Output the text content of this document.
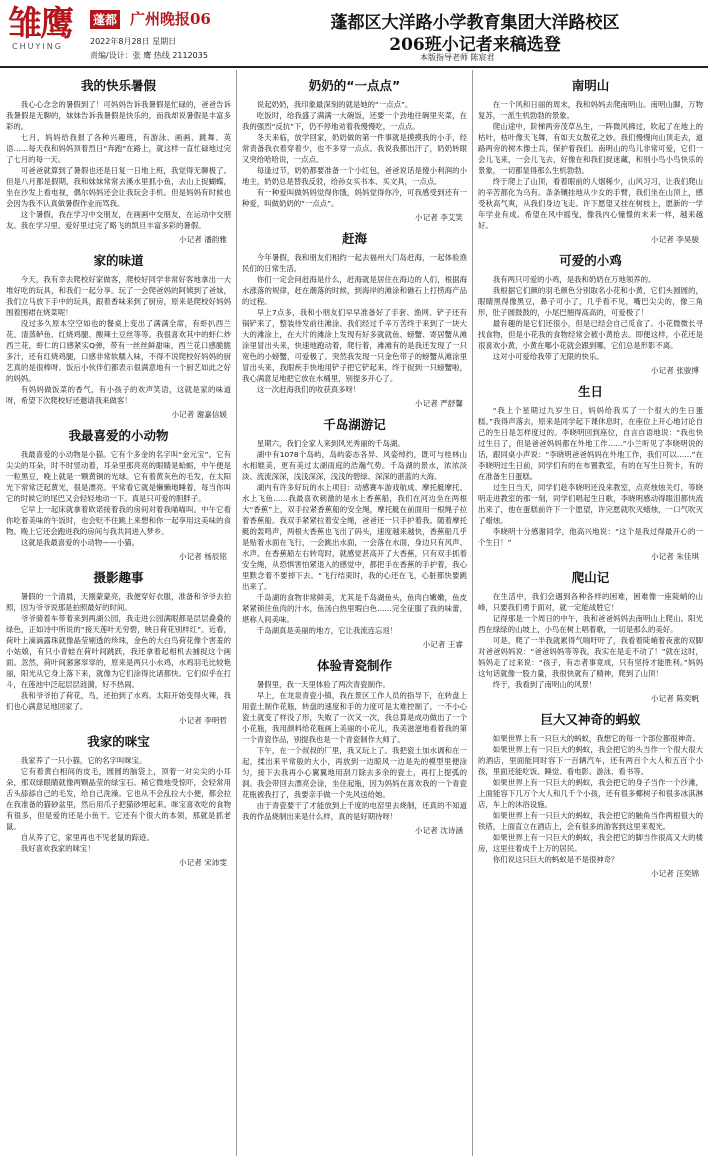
雏鹰
CHUYING
蓬都 广州晚报06
2022年8月28日 星期日
责编/设计：张 鹰 热线 2112035
蓬都区大洋路小学教育集团大洋路校区
206班小记者来稿选登
本版指导老师 陈宸君
我的快乐暑假

我心心念念的暑假到了！可妈妈告诉我暑假是忙碌的，爸爸告诉我暑假是无聊的，妹妹告诉我暑假是快乐的，而我却说暑假是丰富多彩的。

七月，妈妈给我报了各种兴趣班，有游泳、画画、跳舞、英语……每天我和妈妈顶着烈日“奔跑”在路上，就这样一直忙碌地过完了七月的每一天。

可爸爸就算到了暑假也还是日复一日地上班，我觉得无聊极了。但是八月都是假期，我和妹妹常常去溪水里抓小鱼，去山上捉蝴蝶，坐在沙发上看电视，偶尔妈妈还会让我玩会手机。但是妈妈有时候也会因为我不认真做暑假作业而骂我。

这个暑假，我在学习中交朋友，在画画中交朋友，在运动中交朋友。我在学习里、爱好里过完了略飞的凯旦丰富多彩的暑假。

小记者 潘韵雅
家的味道

今天，我有幸去爬校好家做客，爬校好同学非常好客地拿出一大堆好吃的玩具，和我们一起分享。玩了一会爬爸妈的阿姨到了爸妹，我们立马放下手中的玩具，跟着香味来到了厨房，原来是爬校好妈妈围着围裙在烧菜呢！

没过多久原本空空如也的餐桌上变出了满满全席，有虾扒西兰花、清蒸鲈鱼、红烧鸡腿、酸辣土豆丝等等。我很喜欢其中的虾仁炒西兰花，虾仁的口感紧实Q弹，带有一丝丝鲜甜味，西兰花口感脆脆多汁，还有红烧鸡腿，口感非常软糯入味，不得不说爬校好妈妈的厨艺真的是很棒呀。饭后小伙伴们都表示很满意地有一个厨艺如此之好的妈妈。

有妈妈做饭菜的香气，有小孩子的欢声笑语，这就是家的味道呀，希望下次爬校好还邀请我来做客！

小记者 谢嘉信媛
我最喜爱的小动物

我最喜爱的小动物是小猫。它有个多金的名字叫“金元宝”。它有尖尖的耳朵，时不时竖动着，耳朵里那亮亮的眼睛是蛤蛎，中午便是一粒黑豆，晚上就是一颗黄铜的光球。它有着黄灰色的毛发，在太阳光下常常泛起黄光，很是漂亮。平常看它就是懒懒地睡着，每当你叫它的时候它的尾巴又会轻轻地动一下。真是只可爱的胆胖子。

它早上一起床就拿着欧诺接着我的房间对着我喵喵叫。中午它看你吃着美味的午饭时，也会贬不住跳上来想和你一起享用这美味的食物。晚上它还会跑进我的房间与我共同进入梦乡。

这就是我最喜爱的小动物——小猫。

小记者 杨辰铭
摄影趣事

暑假的一个清晨，天刚蒙蒙亮，我便穿好衣服，准备和爷爷去拍照，因为爷爷说那是拍照最好的时间。

爷爷骑着车带着来到两湖公园，我走进公园满眼都是层层叠叠的绿色，正如诗中所说的“接天莲叶无穷碧，映日荷花别样红”。近看，荷叶上滴滴露珠就像晶莹剔透的珍珠，金色的大白鸟荷花像个害羞的小姑娘，有只小青蛙在荷叶间跳跃，我还拿着起相机去捕捉这个画面。忽然，荷叶间窸窸窣窣的，原来是两只小水鸡，水鸡羽毛比较艳丽，阳光从它身上落下来，就像为它们涂得比诸都快。它们似乎在打斗，在莲池中泛起层层涟漪，好不热闹。

我和爷爷拍了荷花，鸟，还拍到了水鸡。太阳开始变得火辣，我们也心满意足地回家了。

小记者 李明哲
我家的咪宝

我家养了一只小猫，它的名字叫咪宝。

它有着黄白相间的皮毛，圆圆的脑袋上，顶着一对尖尖的小耳朵，那双绿眼睛就像两颗晶莹的绿宝石。稀它微地受惊吓，会轻常用舌头舔舔自己的毛发，给自己洗澡。它也从不会乱拉大小便，都会拉在我准备的猫砂盆里，然后用爪子把猫砂埋起来。咪宝喜欢吃的食物有很多，但是爱的还是小鱼干。它还有个很大的本领，那就是抓老鼠。

自从养了它，家里再也不见老鼠的踪迹。

我好喜欢我家的咪宝！

小记者 宋沛雯
奶奶的“一点点”

说起奶奶，我印象最深刻的就是她的“一点点”。

吃饭时，给我盛了满满一大碗饭，还要一个劲地往碗里夹菜，在我的强烈“反抗”下，仍不停地劝着我慢慢吃，一点点。

冬天来临，放学回家，奶奶做的第一件事就是摸摸我的小手，经常责备我衣着穿着少，也不多穿一点点。我说我都出汗了，奶奶转眼又突给哈哈说，一点点。

每逢过节，奶奶都要准备一个小红包，爸爸说话是傻小利润的小地主，奶奶总是替我反驳，给孙女买书本、买文具，一点点。

有一种爱叫做妈妈觉得你饿，妈妈觉得你冷，可我感受到还有一种爱，叫做奶奶的“一点点”。

小记者 李艾笑
赶海

今年暑假，我和朋友们相约一起去福州大门岛赶海，一起体验渔民们的日常生活。

你们一定会问赶海是什么，赶海就是居住在海边的人们，根据海水涨落的规律，赶在潮落的时候，到海岸的滩涂和礁石上打捞海产品的过程。

早上7点多，我和小朋友们早早准备好了手套、渔网、铲子还有锅铲来了，整装待发前往滩涂。我们经过千辛万苦终于来到了一块大大的滩涂上，在大片的滩涂上发现有好多就就鱼、螃蟹、寄居蟹从滩涂里冒出头来，快速地跑动着，爬行着，滩滩有的是我还发现了一只宽色的小螃蟹，可爱极了。突然我发现一只金色带子的螃蟹从滩涂里冒出头来，我眼疾手快地用铲子把它铲起来，终于捉到一只螃蟹啦，我心满意足地把它放在水桶里，别提多开心了。

这一次赶海我们的收获真多呀！

小记者 严舒馨
千岛湖游记

星期六，我们全家人来到风光秀丽的千岛湖。

湖中有1078个岛屿，岛屿姿态各异、风姿绰约，既可与桂林山水相媲美，更有美过太湖雨庭的浩瀚气势。千岛湖的景水，浓浓淡淡、流流深深，浅浅深深，浅浅的碧绿、深深的湛蓝的大海。

湖内有许多好玩的水上项目：动感赛车游戏航成、摩托艇摩托、水上飞鱼……我最喜欢刺激的是水上香蕉船，我们在河边坐在两根大“香蕉”上，双手拉紧香蕉船的安全绳，摩托艇在前面用一根绳子拉着香蕉船。我双手紧紧拉着安全绳，爸爸还一只手护着我。随着摩托艇的轰鸣声，两根大香蕉也飞出了码头，速度越来越快，香蕉船几乎是贴着水面在飞行，一会跳出水面，一会落在水面，身边只有风声、水声。在香蕉船左右转弯时，就感觉甚高开了大香蕉，只有双手抓着安全绳，从恐惧害怕紧退入的感觉中，都把手在香蕉的手护着，我心里默念着不要掉下去。“飞行结束时，我的心还在飞，心脏都快要跳出来了。

千岛湖的食物非常鲜美，尤其是千岛湖鱼头，鱼肉白嫩嫩，鱼皮紧紧锁住鱼肉的汁水，鱼汤白热里瑕白色……完全征服了我的味蕾，堪称人间美味。

千岛湖真是美丽的地方，它让我流连忘返！

小记者 王睿
体验青瓷制作

暑假里，我一天里体验了两次青瓷制作。

早上，在龙泉青瓷小镇，我在景区工作人员的指导下，在转盘上用瓷土制作花瓶，转盘的速度和手的力度可是太难控制了，一不小心瓷土就变了样没了形，失败了一次又一次，我总算是成功做出了一个小花瓶，我用颜料给花瓶画上美丽的小花儿，我美滋滋地看着我的第一个青瓷作品，别提我也是一个青瓷制作大师了。

下午，在一个叔叔的厂里，我又玩上了。我把瓷土加水调和在一起，揉出来平常般的大小，再放到一边晾风一边是先的模型里便涂匀，接下去我再小心翼翼地用刮刀除去多余的瓷土，再打上提弧的洞。我会带回去漂亮会涂，坐住起瓶，因为妈妈在喜欢我的一个青瓷花瓶被我打了，我要亲手做一个先风送给她。

由于青瓷要干了才能放到上千度的电窑里去烧制，还真的不知道我的作品烧制出来是什么样，真的是好期待呀！

小记者 沈诗涵
南明山

在一个风和日丽的周末，我和妈妈去爬南明山。南明山脚，万物复苏，一派生机勃勃的景象。

爬山途中，阶梯两旁茂草丛生，一阵微风拂过，吹起了在地上的枯叶，枯叶像天飞舞，有如天女散花之妙。我们慢慢向山顶走去，道路两旁的树木像士兵，保护着我们。南明山的鸟儿非常可爱，它们一会儿飞来，一会儿飞去，好像在和我们捉迷藏，和别小鸟小鸟快乐的景象，一切都显得那么生机勃勃。

终于爬上了山顶，看着眼前的人烟稀少，山风习习，让我们爬山的辛苦都化为乌有。条条镶挂地从少女的手臂，我们坐在山顶上，感受秋高气爽，从我们身边飞走。许下愿望又挂在树枝上，愿新的一学年学业有成。希望在风中摇曳，像我内心憧憬的未来一样，越来越好。

小记者 李昊骏
可爱的小鸡

我有两只可爱的小鸡，是我和奶奶在万地领养的。

我根据它们颜的羽毛颜色分别取名小花和小黄，它们头圆圆的，眼睛黑得像黑豆，鼻子可小了，几乎看不见，嘴巴尖尖的，像三角形，肚子圆鼓鼓的，小尾巴翘得高高的，可爱极了！

最有趣的是它们还很小，但是已经会自己觅食了。小花微微长寻找食物，但是小花我的食物经常会被小黄抢去。即便这样，小花还是很喜欢小黄，小黄在哪小花就会跟到哪，它们总是形影不离。

这对小可爱给我带了无限的快乐。

小记者 张骏博
生日

“我上个星期过九岁生日，妈妈给我买了一个很大的生日蛋糕。”我得声落去，原来是同学起下课休息时，在座位上开心地讨论自己的生日是怎样度过的。李晓明回到座位，自言自语地说：“我也快过生日了，但是爸爸妈妈都在外地工作……”小兰听见了李晓明说的话，跟同桌小声说：“李晓明爸爸妈妈在外地工作，我们可以……”在李晓明过生日前，同学们有的在布置教室，有的在写生日贺卡，有的在准备生日蛋糕。

过生日当天，同学们趁李晓明还没来教室，点亮烛烛关灯，等晓明走进教室的那一刻，同学们唱起生日歌，李晓明感动得眼泪都快流出来了，他在蛋糕前许下一个愿望，许完愿就吹灭蜡烛，一口气吹灭了蜡烛。

李晓明十分感谢同学，他高兴地说：“这个是我过得最开心的一个生日！”

小记者 朱佳琪
爬山记

在生活中，我们会遇到各种各样的困难，困难像一座陡峭的山峰，只要我们勇于面对，就一定能战胜它！

记得那是一个周日的中午，我和爸爸妈妈去南明山上爬山。阳光西在绿绿的山坡上，小鸟在树上唱着歌，一切是那么的美好。

可是，爬了一半我就累得气喘吁吁了，我看着陡峭着夜涨的双脚对爸爸妈妈说：“爸爸妈妈等等我，我实在是走不动了！”就在这时，妈妈走了过来说：“孩子，有志者事竟成，只有坚持才能胜利。”妈妈这句话就像一股力量，我很快就有了精神，爬到了山顶！

终于，我看到了南明山的风景！

小记者 陈奕帆
巨大又神奇的蚂蚁

如果世界上有一只巨大的蚂蚁，我想它的每一个部位都很神奇。

如果世界上有一只巨大的蚂蚁，我会把它的头当作一个很大很大的酒店，里面能同时容下一百辆汽车，还有两百个大人和五百个小孩，里面还能吃饭、睡觉、看电影、游泳、看书等。

如果世界上有一只巨大的蚂蚁，我会把它的身子当作一个沙滩，上面能容下几万个大人和几千个小孩，还有很多椰树子和很多冰淇淋店，车上的沐浴设施。

如果世界上有一只巨大的蚂蚁，我会把它的触角当作两根很大的铁塔，上面直立在酒店上，会有很多的游客到这里来观光。

如果世界上有一只巨大的蚂蚁，我会把它的脚当作很高又大的楼房，这里住着成千上万的居民。

你们说这只巨大的蚂蚁是不是很神奇？

小记者 汪奕锦
